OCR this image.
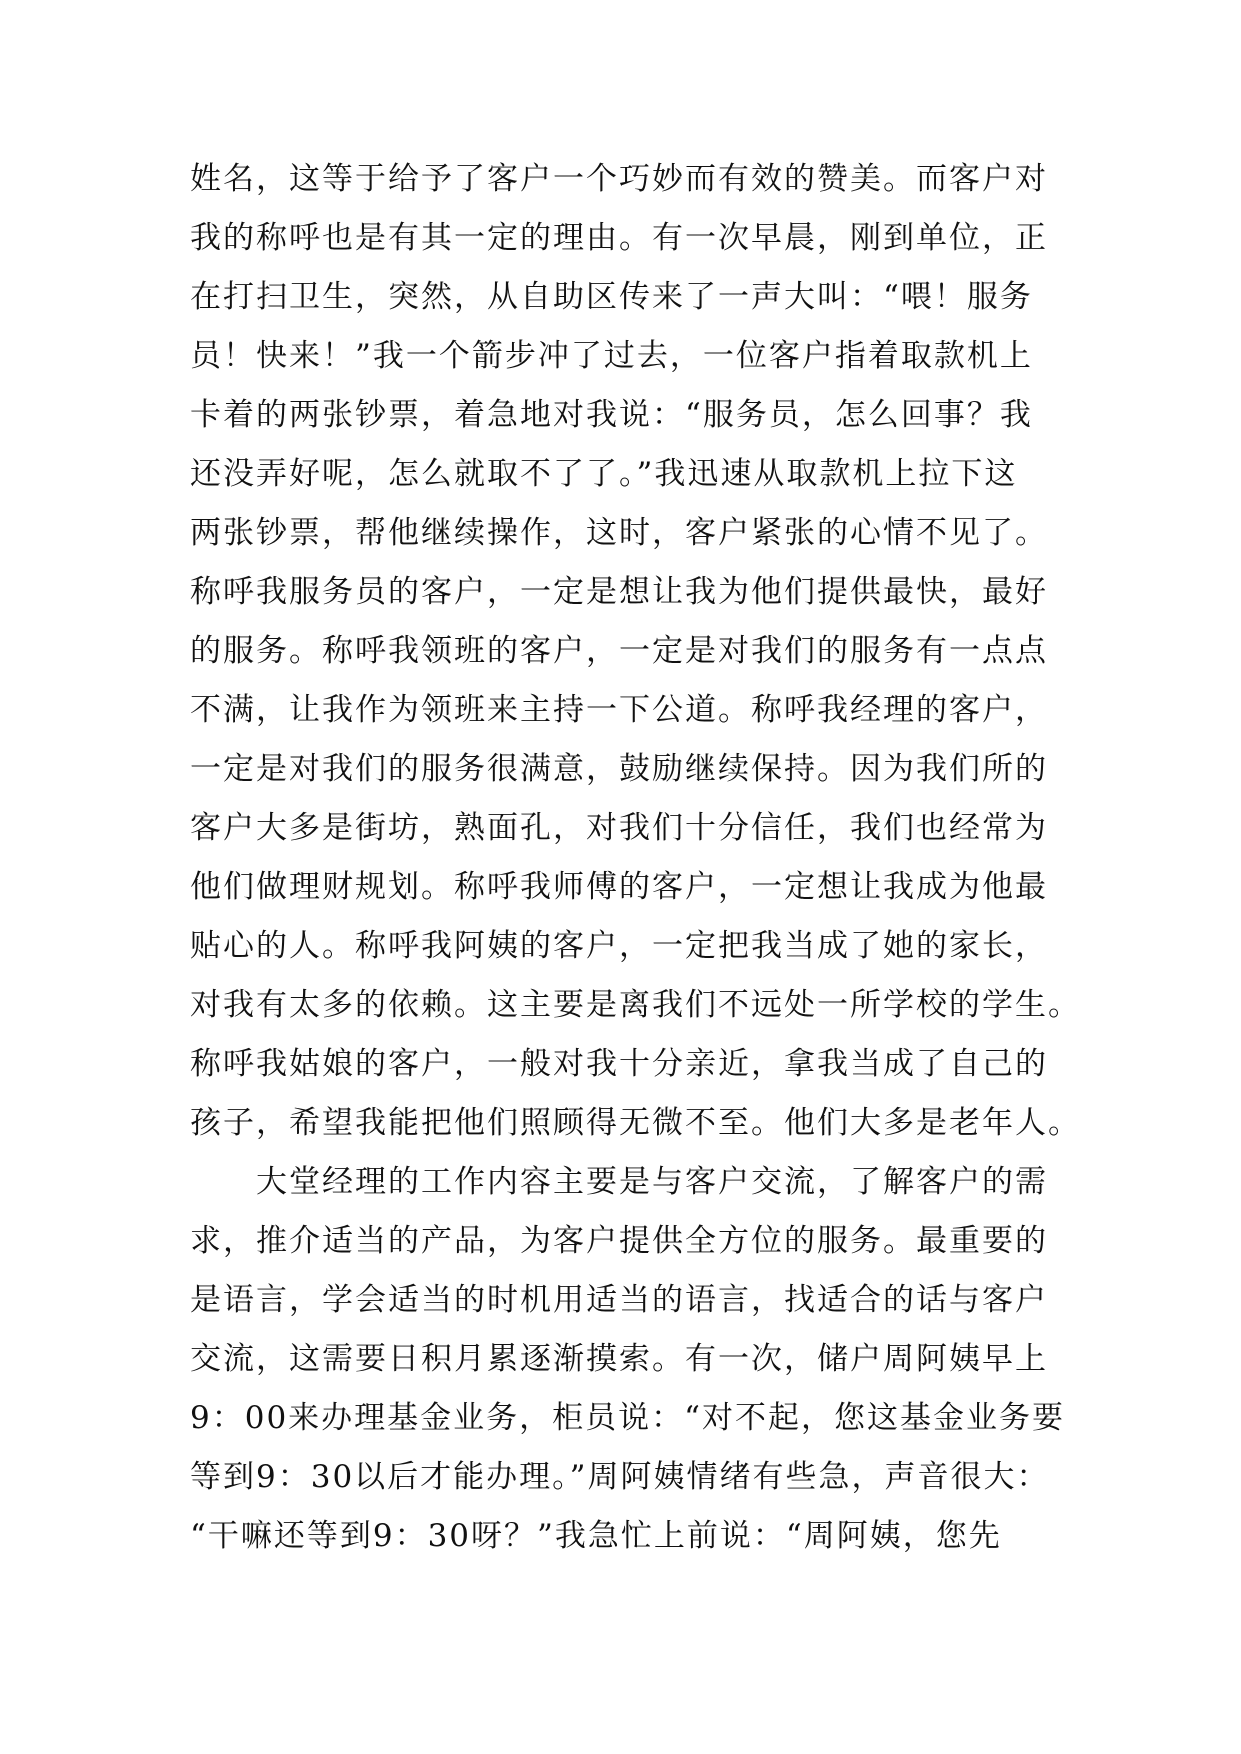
姓名，这等于给予了客户一个巧妙而有效的赞美。而客户对
我的称呼也是有其一定的理由。有一次早晨，刚到单位，正
在打扫卫生，突然，从自助区传来了一声大叫：“喂！服务
员！快来！”我一个箭步冲了过去，一位客户指着取款机上
卡着的两张钞票，着急地对我说：“服务员，怎么回事？我
还没弄好呢，怎么就取不了了。”我迅速从取款机上拉下这
两张钞票，帮他继续操作，这时，客户紧张的心情不见了。
称呼我服务员的客户，一定是想让我为他们提供最快，最好
的服务。称呼我领班的客户，一定是对我们的服务有一点点
不满，让我作为领班来主持一下公道。称呼我经理的客户，
一定是对我们的服务很满意，鼓励继续保持。因为我们所的
客户大多是街坊，熟面孔，对我们十分信任，我们也经常为
他们做理财规划。称呼我师傅的客户，一定想让我成为他最
贴心的人。称呼我阿姨的客户，一定把我当成了她的家长，
对我有太多的依赖。这主要是离我们不远处一所学校的学生。
称呼我姑娘的客户，一般对我十分亲近，拿我当成了自己的
孩子，希望我能把他们照顾得无微不至。他们大多是老年人。
大堂经理的工作内容主要是与客户交流，了解客户的需
求，推介适当的产品，为客户提供全方位的服务。最重要的
是语言，学会适当的时机用适当的语言，找适合的话与客户
交流，这需要日积月累逐渐摸索。有一次，储户周阿姨早上
9：00来办理基金业务，柜员说：“对不起，您这基金业务要
等到9：30以后才能办理。”周阿姨情绪有些急，声音很大：
“干嘛还等到9：30呀？”我急忙上前说：“周阿姨，您先
